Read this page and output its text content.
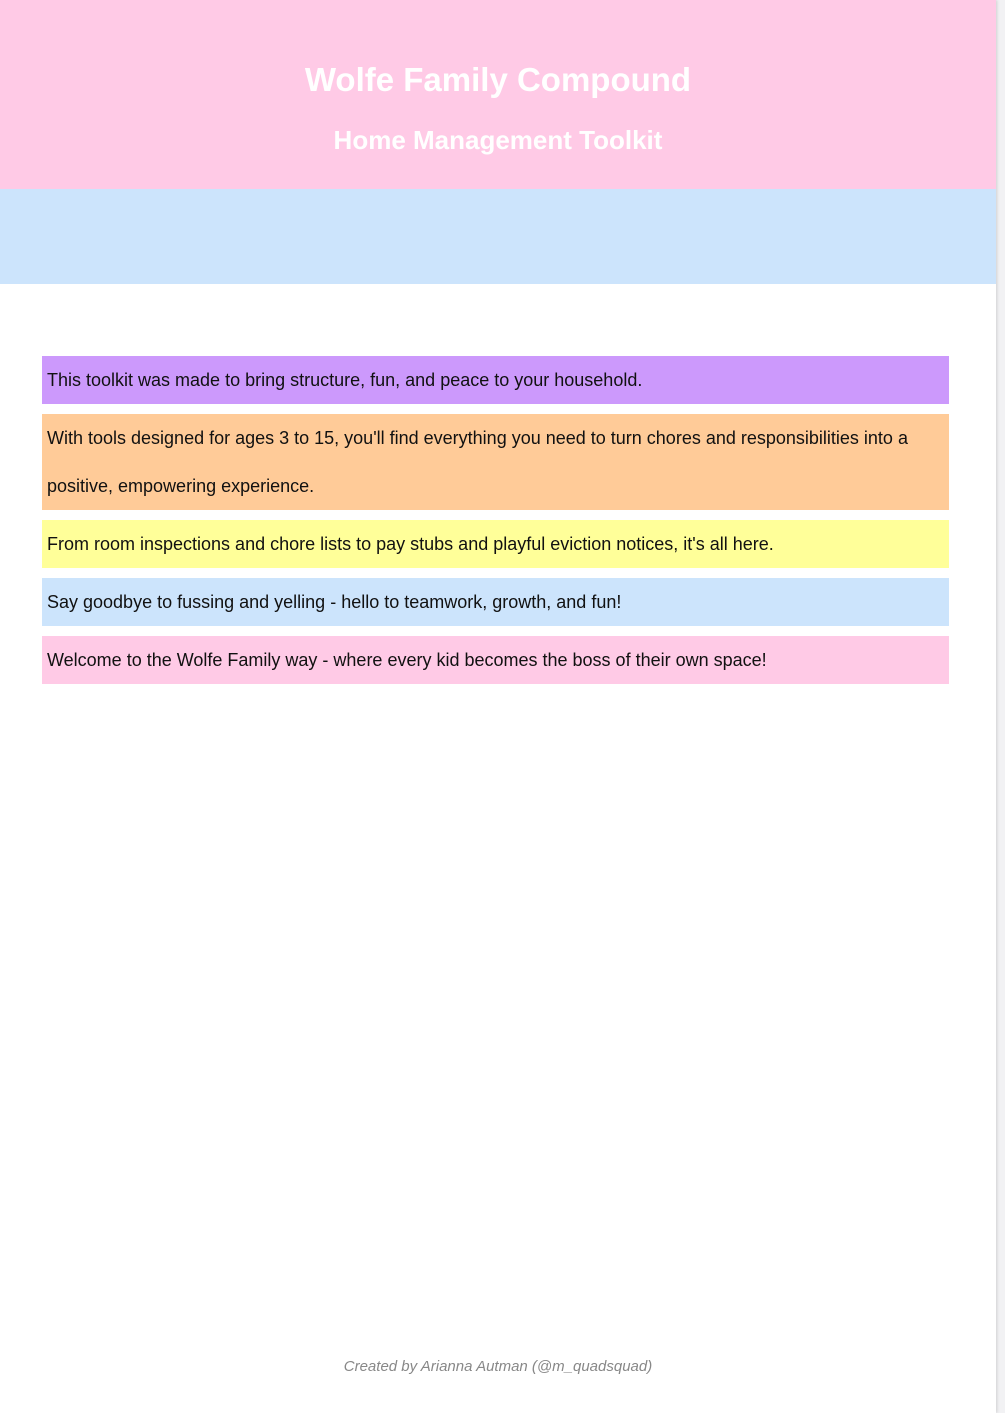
Wolfe Family Compound
Home Management Toolkit
This toolkit was made to bring structure, fun, and peace to your household.
With tools designed for ages 3 to 15, you'll find everything you need to turn chores and responsibilities into a positive, empowering experience.
From room inspections and chore lists to pay stubs and playful eviction notices, it's all here.
Say goodbye to fussing and yelling - hello to teamwork, growth, and fun!
Welcome to the Wolfe Family way - where every kid becomes the boss of their own space!
Created by Arianna Autman (@m_quadsquad)
